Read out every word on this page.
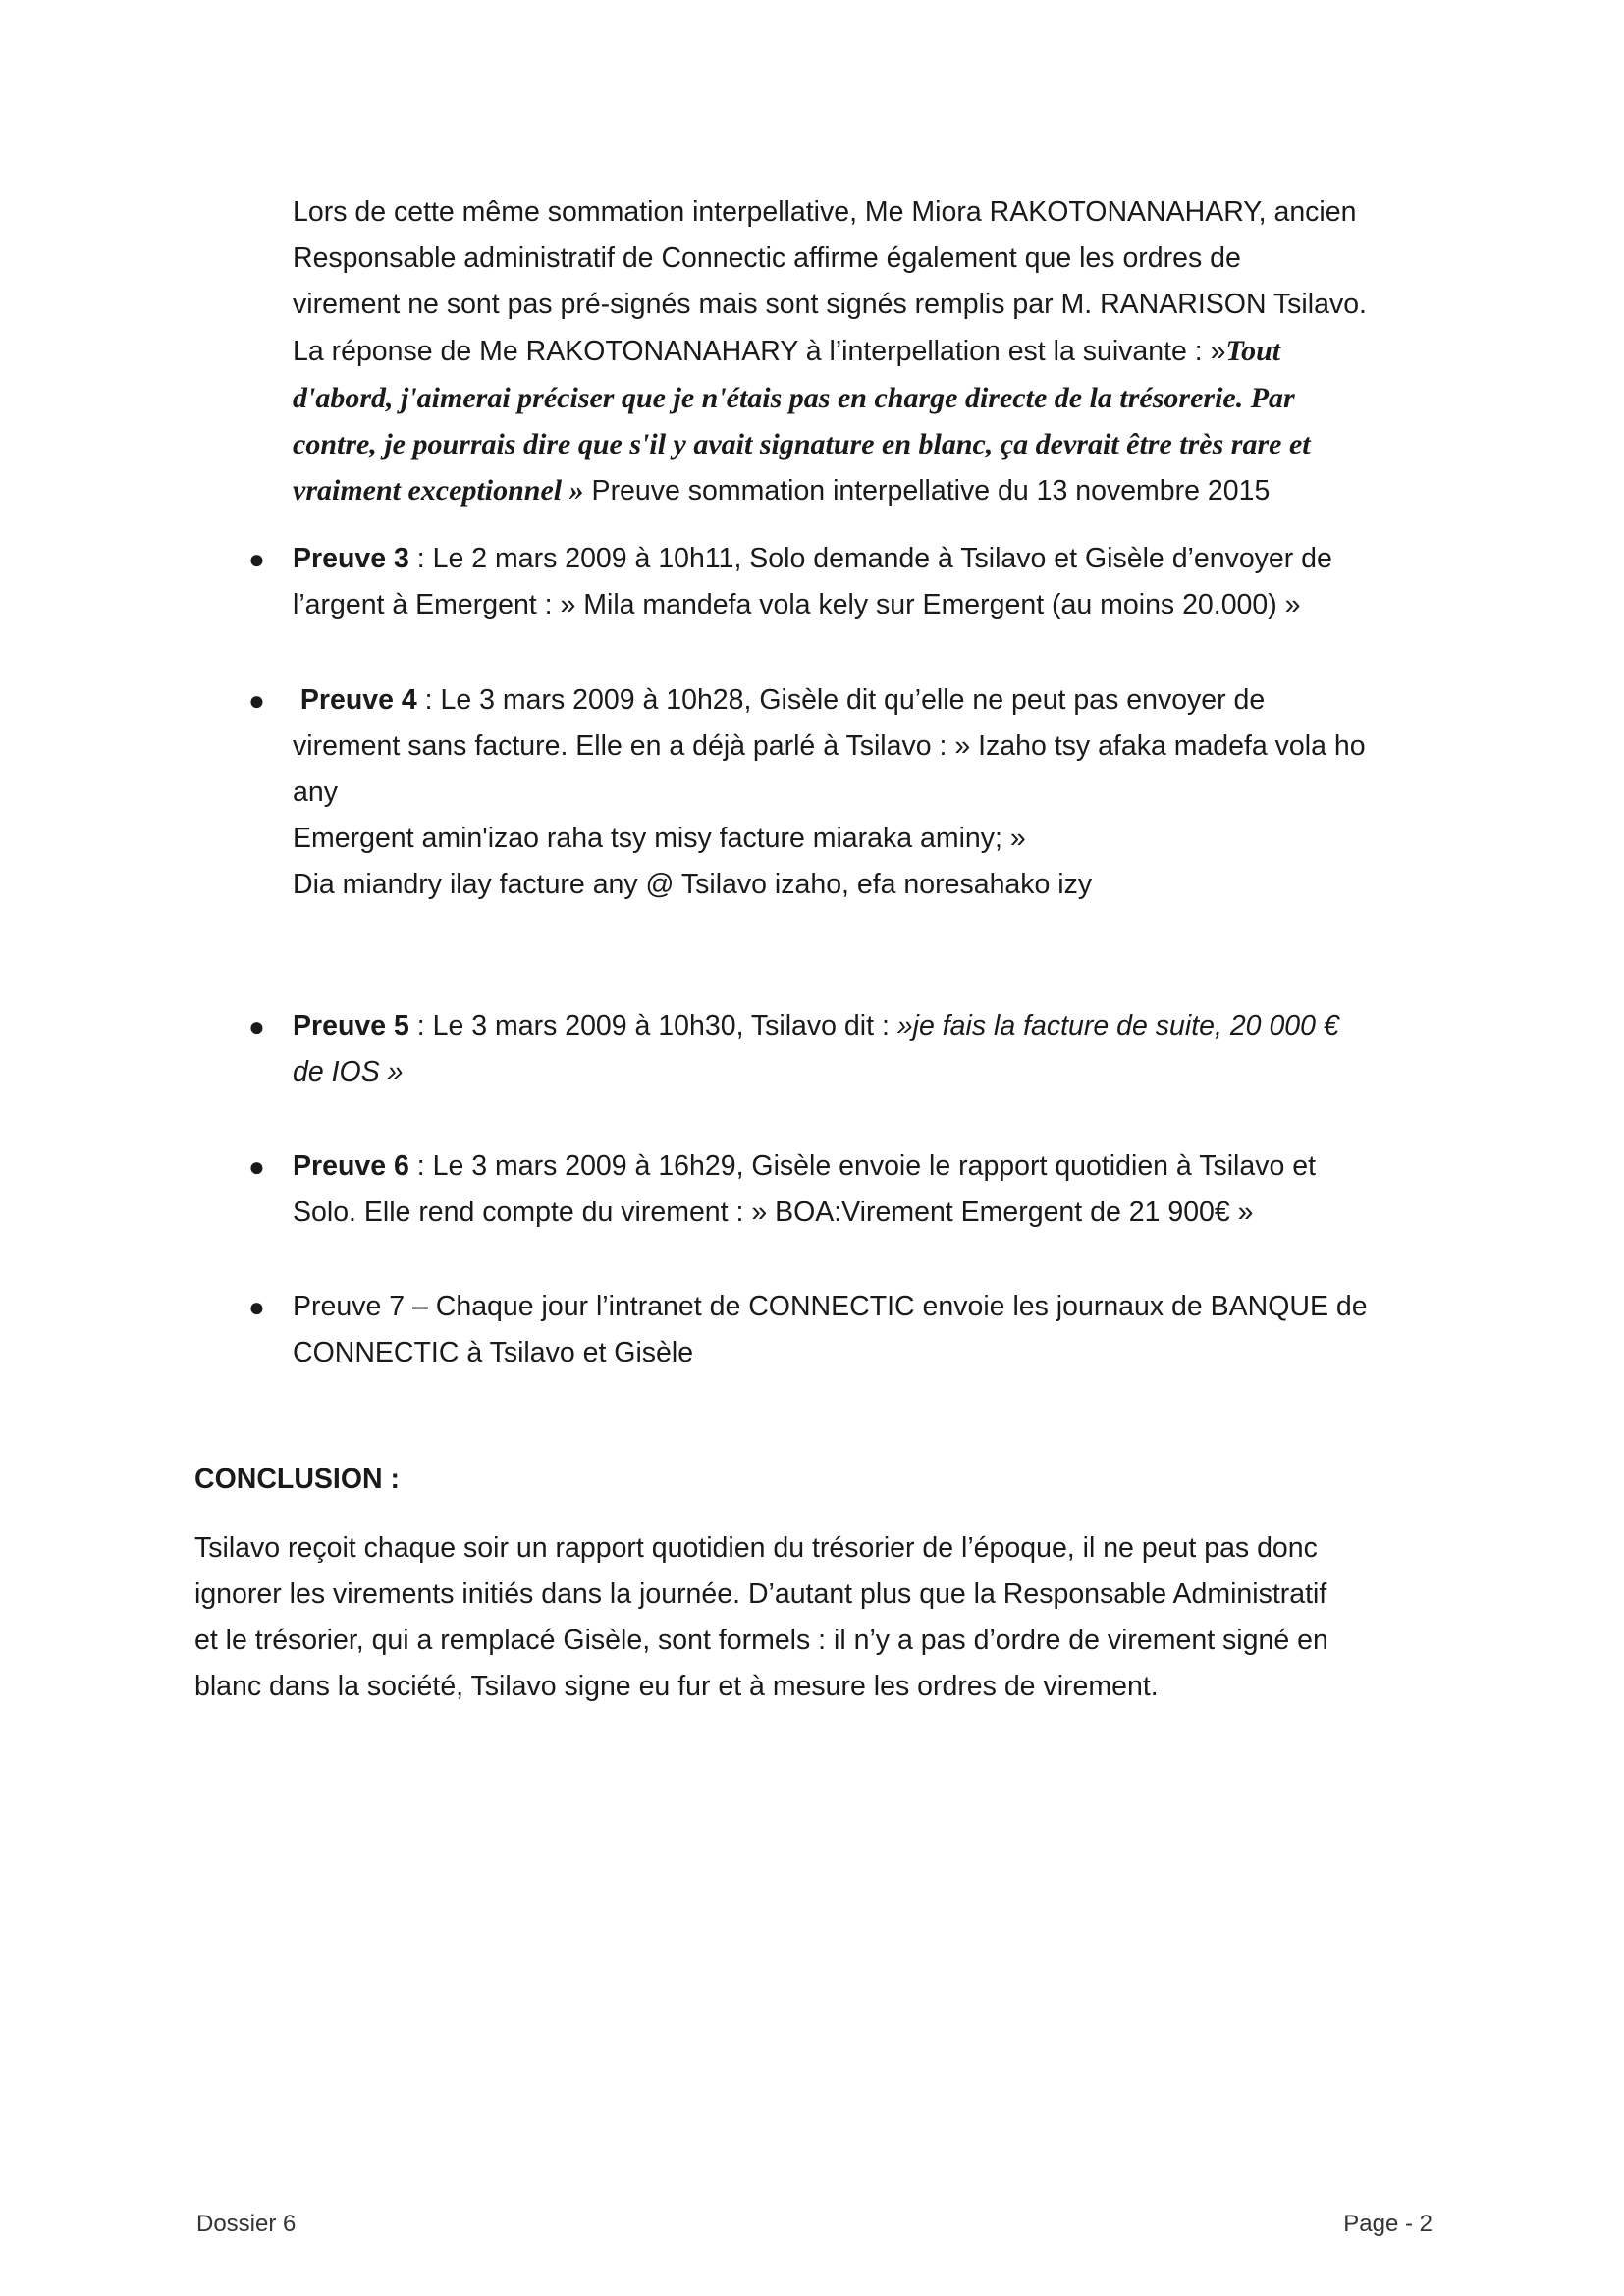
Lors de cette même sommation interpellative, Me Miora RAKOTONANAHARY, ancien
Responsable administratif de Connectic affirme également que les ordres de
virement ne sont pas pré-signés mais sont signés remplis par M. RANARISON Tsilavo.
La réponse de Me RAKOTONANAHARY à l’interpellation est la suivante : »Tout
d'abord, j'aimerai préciser que je n'étais pas en charge directe de la trésorerie. Par
contre, je pourrais dire que s'il y avait signature en blanc, ça devrait être très rare et
vraiment exceptionnel » Preuve sommation interpellative du 13 novembre 2015
● Preuve 3 : Le 2 mars 2009 à 10h11, Solo demande à Tsilavo et Gisèle d’envoyer de
l’argent à Emergent : » Mila mandefa vola kely sur Emergent (au moins 20.000) »
● Preuve 4 : Le 3 mars 2009 à 10h28, Gisèle dit qu’elle ne peut pas envoyer de
virement sans facture. Elle en a déjà parlé à Tsilavo : » Izaho tsy afaka madefa vola ho
any
Emergent amin'izao raha tsy misy facture miaraka aminy; »
Dia miandry ilay facture any @ Tsilavo izaho, efa noresahako izy
● Preuve 5 : Le 3 mars 2009 à 10h30, Tsilavo dit : »je fais la facture de suite, 20 000 €
de IOS »
● Preuve 6 : Le 3 mars 2009 à 16h29, Gisèle envoie le rapport quotidien à Tsilavo et
Solo. Elle rend compte du virement : » BOA:Virement Emergent de 21 900€ »
● Preuve 7 – Chaque jour l’intranet de CONNECTIC envoie les journaux de BANQUE de
CONNECTIC à Tsilavo et Gisèle
CONCLUSION :
Tsilavo reçoit chaque soir un rapport quotidien du trésorier de l’époque, il ne peut pas donc
ignorer les virements initiés dans la journée. D’autant plus que la Responsable Administratif
et le trésorier, qui a remplacé Gisèle, sont formels : il n’y a pas d’ordre de virement signé en
blanc dans la société, Tsilavo signe eu fur et à mesure les ordres de virement.
Dossier 6	Page - 2
